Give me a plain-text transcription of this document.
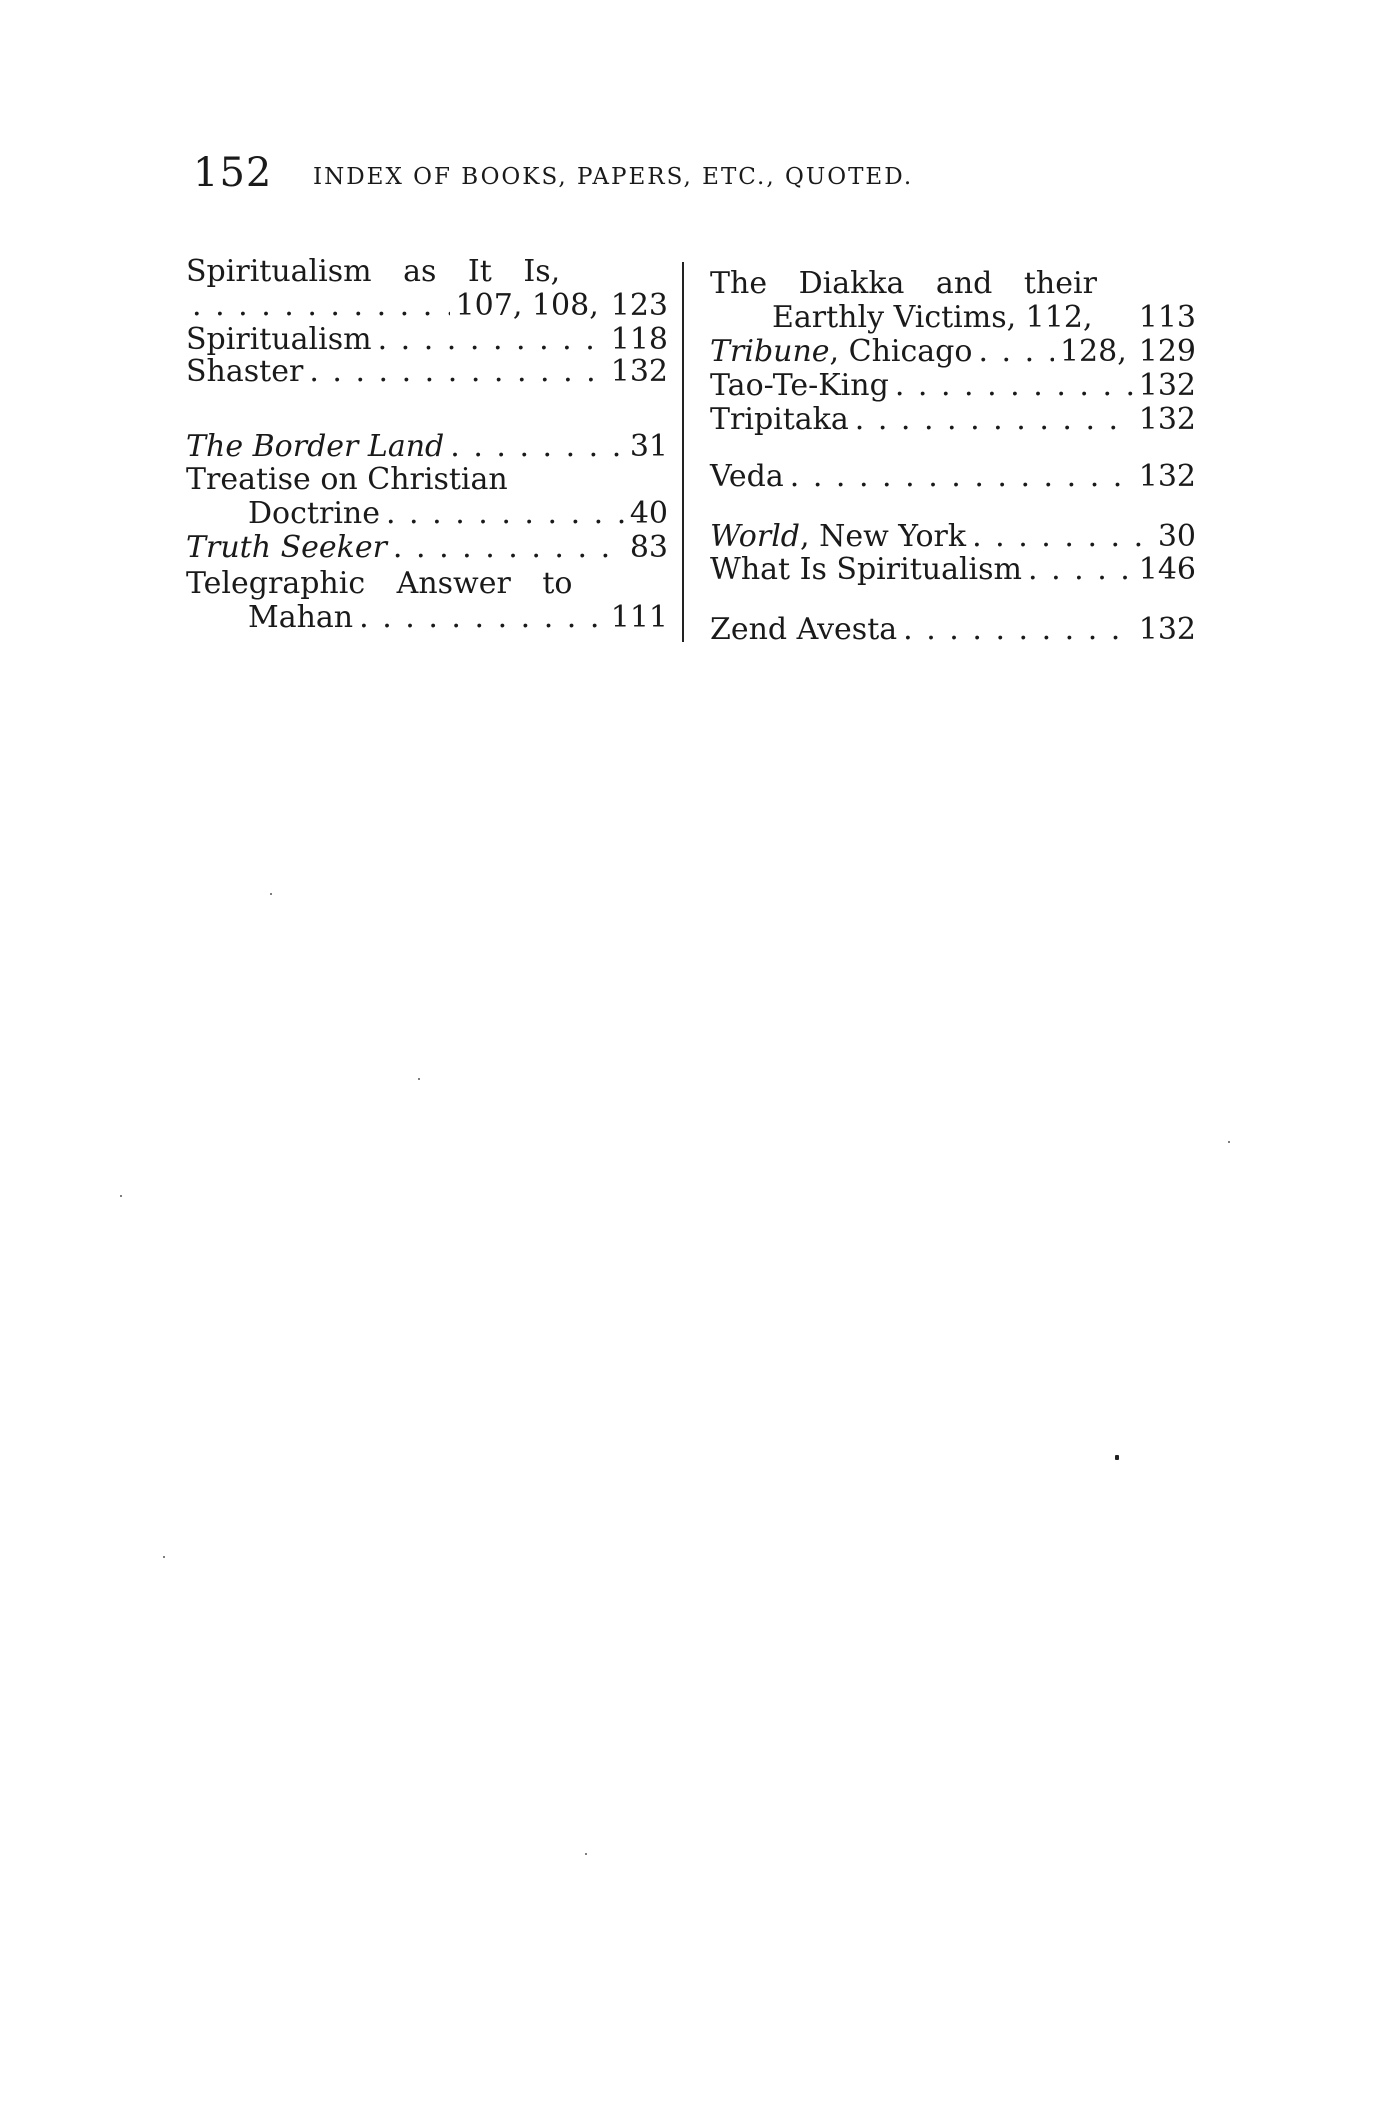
152 INDEX OF BOOKS, PAPERS, ETC., QUOTED.
Spiritualism as It Is,
. . .
107, 108, 123
Spiritualism . . .	118
Shaster . . .	132
The Border Land . . .	31
Treatise on Christian
Doctrine . . .	40
Truth Seeker . . .	83
Telegraphic Answer to
Mahan . . .	111
The Diakka and their
Earthly Victims, 112, 113
Tribune, Chicago . . .	128, 129
Tao-Te-King . . .	132
Tripitaka . . .	132
Veda . . .	132
World, New York . . .	30
What Is Spiritualism . . .	146
Zend Avesta . . .	132
